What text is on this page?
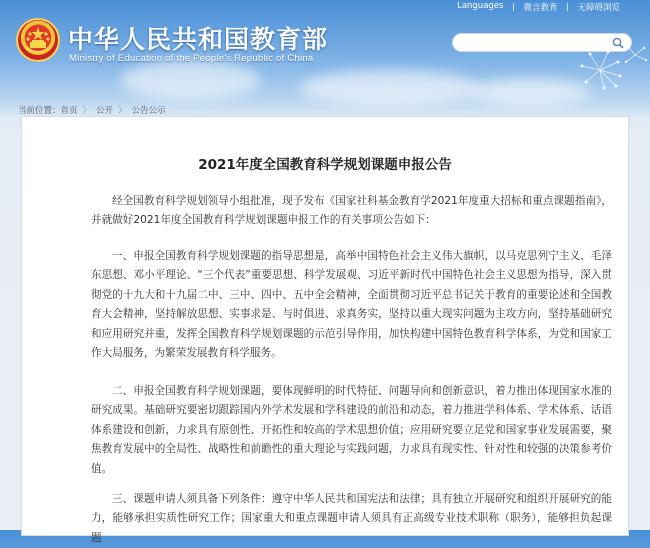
中华人民共和国教育部
Ministry of Education of the People's Republic of China
Languages	微言教育	无障碍浏览
当前位置： 首页 〉 公开 〉 公告公示
2021年度全国教育科学规划课题申报公告

经全国教育科学规划领导小组批准，现予发布《国家社科基金教育学2021年度重大招标和重点课题指南》，并就做好2021年度全国教育科学规划课题申报工作的有关事项公告如下：

一、申报全国教育科学规划课题的指导思想是，高举中国特色社会主义伟大旗帜，以马克思列宁主义、毛泽东思想、邓小平理论、“三个代表”重要思想、科学发展观、习近平新时代中国特色社会主义思想为指导，深入贯彻党的十九大和十九届二中、三中、四中、五中全会精神，全面贯彻习近平总书记关于教育的重要论述和全国教育大会精神，坚持解放思想、实事求是、与时俱进、求真务实，坚持以重大现实问题为主攻方向，坚持基础研究和应用研究并重，发挥全国教育科学规划课题的示范引导作用，加快构建中国特色教育科学体系，为党和国家工作大局服务，为繁荣发展教育科学服务。

二、申报全国教育科学规划课题，要体现鲜明的时代特征、问题导向和创新意识，着力推出体现国家水准的研究成果。基础研究要密切跟踪国内外学术发展和学科建设的前沿和动态，着力推进学科体系、学术体系、话语体系建设和创新，力求具有原创性、开拓性和较高的学术思想价值；应用研究要立足党和国家事业发展需要，聚焦教育发展中的全局性、战略性和前瞻性的重大理论与实践问题，力求具有现实性、针对性和较强的决策参考价值。

三、课题申请人须具备下列条件：遵守中华人民共和国宪法和法律；具有独立开展研究和组织开展研究的能力，能够承担实质性研究工作；国家重大和重点课题申请人须具有正高级专业技术职称（职务），能够担负起课题
